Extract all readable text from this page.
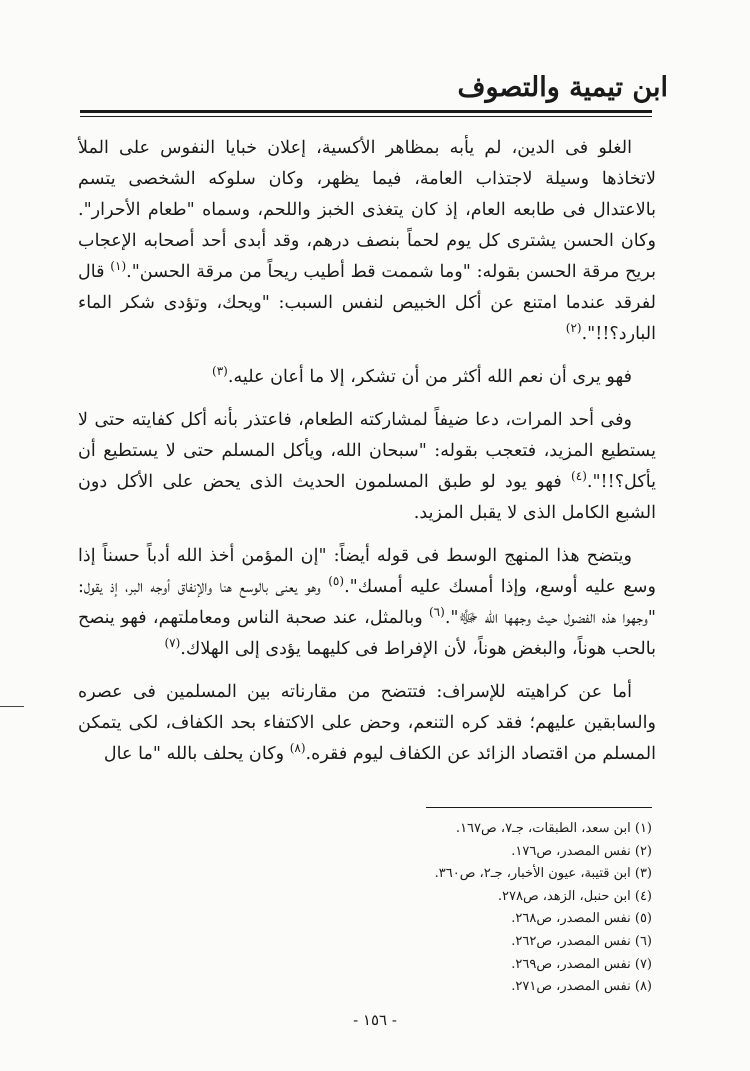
ابن تيمية والتصوف

الغلو فى الدين، لم يأبه بمظاهر الأكسية، إعلان خبايا النفوس على الملأ لاتخاذها وسيلة لاجتذاب العامة، فيما يظهر، وكان سلوكه الشخصى يتسم بالاعتدال فى طابعه العام، إذ كان يتغذى الخبز واللحم، وسماه "طعام الأحرار". وكان الحسن يشترى كل يوم لحماً بنصف درهم، وقد أبدى أحد أصحابه الإعجاب بريح مرقة الحسن بقوله: "وما شممت قط أطيب ريحاً من مرقة الحسن".$^{(١)}$ قال لفرقد عندما امتنع عن أكل الخبيص لنفس السبب: "ويحك، وتؤدى شكر الماء البارد؟!!".$^{(٢)}$

فهو يرى أن نعم الله أكثر من أن تشكر، إلا ما أعان عليه.$^{(٣)}$

وفى أحد المرات، دعا ضيفاً لمشاركته الطعام، فاعتذر بأنه أكل كفايته حتى لا يستطيع المزيد، فتعجب بقوله: "سبحان الله، ويأكل المسلم حتى لا يستطيع أن يأكل؟!!".$^{(٤)}$ فهو يود لو طبق المسلمون الحديث الذى يحض على الأكل دون الشبع الكامل الذى لا يقبل المزيد.

ويتضح هذا المنهج الوسط فى قوله أيضاً: "إن المؤمن أخذ الله أدباً حسناً إذا وسع عليه أوسع، وإذا أمسك عليه أمسك".$^{(٥)}$ وهو يعنى بالوسع هنا والإنفاق أوجه البر، إذ يقول: "وجهوا هذه الفضول حيث وجهها الله ﷻ".$^{(٦)}$ وبالمثل، عند صحبة الناس ومعاملتهم، فهو ينصح بالحب هوناً، والبغض هوناً، لأن الإفراط فى كليهما يؤدى إلى الهلاك.$^{(٧)}$

أما عن كراهيته للإسراف: فتتضح من مقارناته بين المسلمين فى عصره والسابقين عليهم؛ فقد كره التنعم، وحض على الاكتفاء بحد الكفاف، لكى يتمكن المسلم من اقتصاد الزائد عن الكفاف ليوم فقره.$^{(٨)}$ وكان يحلف بالله "ما عال

(١) ابن سعد، الطبقات، جـ٧، ص١٦٧.
(٢) نفس المصدر، ص١٧٦.
(٣) ابن قتيبة، عيون الأخبار، جـ٢، ص٣٦٠.
(٤) ابن حنبل، الزهد، ص٢٧٨.
(٥) نفس المصدر، ص٢٦٨.
(٦) نفس المصدر، ص٢٦٢.
(٧) نفس المصدر، ص٢٦٩.
(٨) نفس المصدر، ص٢٧١.
- ١٥٦ -
